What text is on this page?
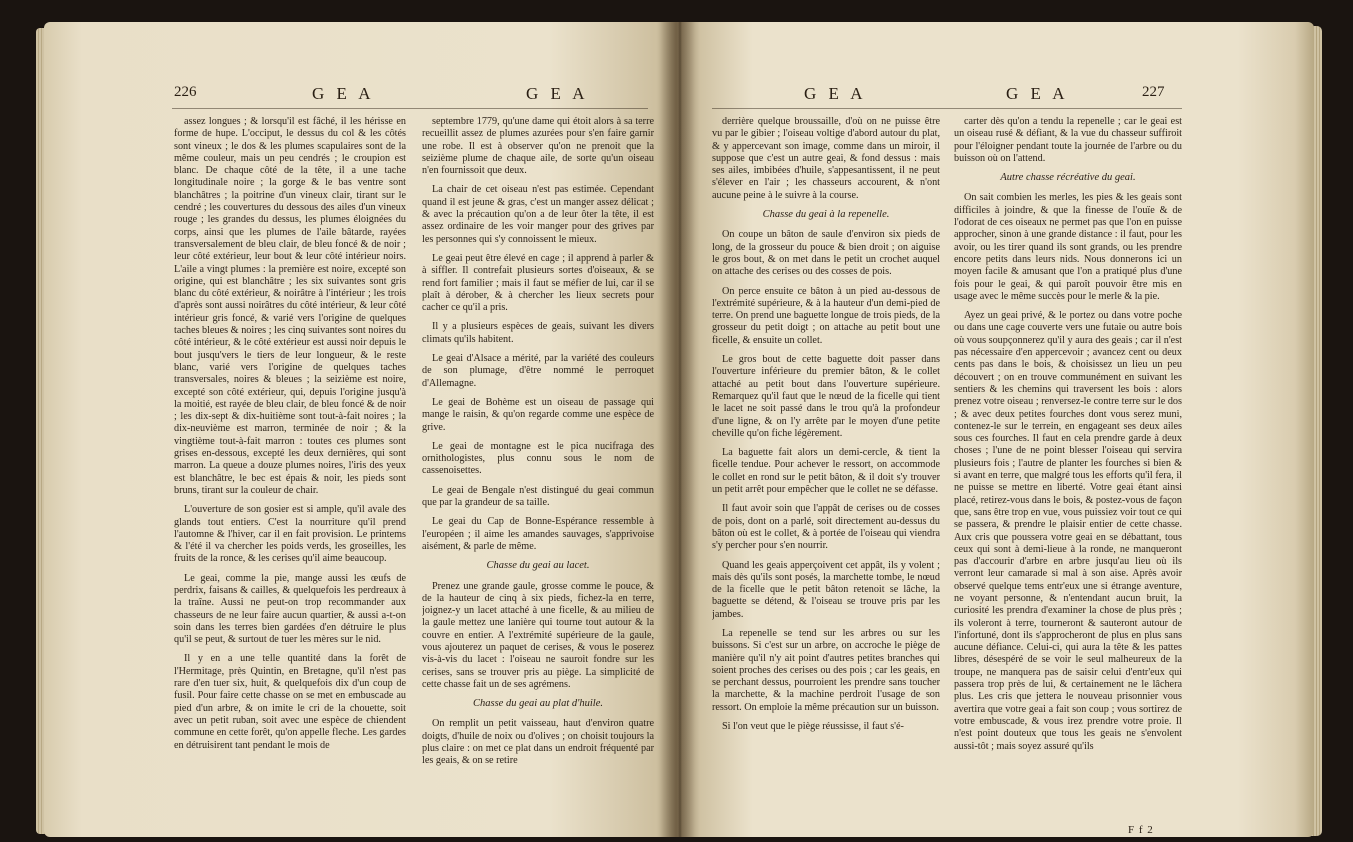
226	G E A	G E A

assez longues ; & lorsqu'il est fâché, il les hérisse en forme de hupe. L'occiput, le dessus du col & les côtés sont vineux ; le dos & les plumes scapulaires sont de la même couleur, mais un peu cendrés ; le croupion est blanc. De chaque côté de la tête, il a une tache longitudinale noire ; la gorge & le bas ventre sont blanchâtres ; la poitrine d'un vineux clair, tirant sur le cendré ; les couvertures du dessous des ailes d'un vineux rouge ; les grandes du dessus, les plumes éloignées du corps, ainsi que les plumes de l'aile bâtarde, rayées transversalement de bleu clair, de bleu foncé & de noir ; leur côté extérieur, leur bout & leur côté intérieur noirs. L'aile a vingt plumes : la première est noire, excepté son origine, qui est blanchâtre ; les six suivantes sont gris blanc du côté extérieur, & noirâtre à l'intérieur ; les trois d'après sont aussi noirâtres du côté intérieur, & leur côté intérieur gris foncé, & varié vers l'origine de quelques taches bleues & noires ; les cinq suivantes sont noires du côté intérieur, & le côté extérieur est aussi noir depuis le bout jusqu'vers le tiers de leur longueur, & le reste blanc, varié vers l'origine de quelques taches transversales, noires & bleues ; la seizième est noire, excepté son côté extérieur, qui, depuis l'origine jusqu'à la moitié, est rayée de bleu clair, de bleu foncé & de noir ; les dix-sept & dix-huitième sont tout-à-fait noires ; la dix-neuvième est marron, terminée de noir ; & la vingtième tout-à-fait marron : toutes ces plumes sont grises en-dessous, excepté les deux dernières, qui sont marron. La queue a douze plumes noires, l'iris des yeux est blanchâtre, le bec est épais & noir, les pieds sont bruns, tirant sur la couleur de chair.

L'ouverture de son gosier est si ample, qu'il avale des glands tout entiers. C'est la nourriture qu'il prend l'automne & l'hiver, car il en fait provision. Le printems & l'été il va chercher les poids verds, les groseilles, les fruits de la ronce, & les cerises qu'il aime beaucoup.

Le geai, comme la pie, mange aussi les œufs de perdrix, faisans & cailles, & quelquefois les perdreaux à la traîne. Aussi ne peut-on trop recommander aux chasseurs de ne leur faire aucun quartier, & aussi a-t-on soin dans les terres bien gardées d'en détruire le plus qu'il se peut, & surtout de tuer les mères sur le nid.

Il y en a une telle quantité dans la forêt de l'Hermitage, près Quintin, en Bretagne, qu'il n'est pas rare d'en tuer six, huit, & quelquefois dix d'un coup de fusil. Pour faire cette chasse on se met en embuscade au pied d'un arbre, & on imite le cri de la chouette, soit avec un petit ruban, soit avec une espèce de chiendent commune en cette forêt, qu'on appelle fleche. Les gardes en détruisirent tant pendant le mois de

septembre 1779, qu'une dame qui étoit alors à sa terre recueillit assez de plumes azurées pour s'en faire garnir une robe. Il est à observer qu'on ne prenoit que la seizième plume de chaque aile, de sorte qu'un oiseau n'en fournissoit que deux.

La chair de cet oiseau n'est pas estimée. Cependant quand il est jeune & gras, c'est un manger assez délicat ; & avec la précaution qu'on a de leur ôter la tête, il est assez ordinaire de les voir manger pour des grives par les personnes qui s'y connoissent le mieux.

Le geai peut être élevé en cage ; il apprend à parler & à siffler. Il contrefait plusieurs sortes d'oiseaux, & se rend fort familier ; mais il faut se méfier de lui, car il se plaît à dérober, & à chercher les lieux secrets pour cacher ce qu'il a pris.

Il y a plusieurs espèces de geais, suivant les divers climats qu'ils habitent.

Le geai d'Alsace a mérité, par la variété des couleurs de son plumage, d'être nommé le perroquet d'Allemagne.

Le geai de Bohème est un oiseau de passage qui mange le raisin, & qu'on regarde comme une espèce de grive.

Le geai de montagne est le pica nucifraga des ornithologistes, plus connu sous le nom de cassenoisettes.

Le geai de Bengale n'est distingué du geai commun que par la grandeur de sa taille.

Le geai du Cap de Bonne-Espérance ressemble à l'européen ; il aime les amandes sauvages, s'apprivoise aisément, & parle de même.

Chasse du geai au lacet.

Prenez une grande gaule, grosse comme le pouce, & de la hauteur de cinq à six pieds, fichez-la en terre, joignez-y un lacet attaché à une ficelle, & au milieu de la gaule mettez une lanière qui tourne tout autour & la couvre en entier. A l'extrémité supérieure de la gaule, vous ajouterez un paquet de cerises, & vous le poserez vis-à-vis du lacet : l'oiseau ne sauroit fondre sur les cerises, sans se trouver pris au piège. La simplicité de cette chasse fait un de ses agrémens.

Chasse du geai au plat d'huile.

On remplit un petit vaisseau, haut d'environ quatre doigts, d'huile de noix ou d'olives ; on choisit toujours la plus claire : on met ce plat dans un endroit fréquenté par les geais, & on se retire

G E A	G E A	227

derrière quelque broussaille, d'où on ne puisse être vu par le gibier ; l'oiseau voltige d'abord autour du plat, & y appercevant son image, comme dans un miroir, il suppose que c'est un autre geai, & fond dessus : mais ses ailes, imbibées d'huile, s'appesantissent, il ne peut s'élever en l'air ; les chasseurs accourent, & n'ont aucune peine à le suivre à la course.

Chasse du geai à la repenelle.

On coupe un bâton de saule d'environ six pieds de long, de la grosseur du pouce & bien droit ; on aiguise le gros bout, & on met dans le petit un crochet auquel on attache des cerises ou des cosses de pois.

On perce ensuite ce bâton à un pied au-dessous de l'extrémité supérieure, & à la hauteur d'un demi-pied de terre. On prend une baguette longue de trois pieds, de la grosseur du petit doigt ; on attache au petit bout une ficelle, & ensuite un collet.

Le gros bout de cette baguette doit passer dans l'ouverture inférieure du premier bâton, & le collet attaché au petit bout dans l'ouverture supérieure. Remarquez qu'il faut que le nœud de la ficelle qui tient le lacet ne soit passé dans le trou qu'à la profondeur d'une ligne, & on l'y arrête par le moyen d'une petite cheville qu'on fiche légèrement.

La baguette fait alors un demi-cercle, & tient la ficelle tendue. Pour achever le ressort, on accommode le collet en rond sur le petit bâton, & il doit s'y trouver un petit arrêt pour empêcher que le collet ne se défasse.

Il faut avoir soin que l'appât de cerises ou de cosses de pois, dont on a parlé, soit directement au-dessus du bâton où est le collet, & à portée de l'oiseau qui viendra s'y percher pour s'en nourrir.

Quand les geais apperçoivent cet appât, ils y volent ; mais dès qu'ils sont posés, la marchette tombe, le nœud de la ficelle que le petit bâton retenoit se lâche, la baguette se détend, & l'oiseau se trouve pris par les jambes.

La repenelle se tend sur les arbres ou sur les buissons. Si c'est sur un arbre, on accroche le piège de manière qu'il n'y ait point d'autres petites branches qui soient proches des cerises ou des pois ; car les geais, en se perchant dessus, pourroient les prendre sans toucher la marchette, & la machine perdroit l'usage de son ressort. On emploie la même précaution sur un buisson.

Si l'on veut que le piège réussisse, il faut s'é-

carter dès qu'on a tendu la repenelle ; car le geai est un oiseau rusé & défiant, & la vue du chasseur suffiroit pour l'éloigner pendant toute la journée de l'arbre ou du buisson où on l'attend.

Autre chasse récréative du geai.

On sait combien les merles, les pies & les geais sont difficiles à joindre, & que la finesse de l'ouïe & de l'odorat de ces oiseaux ne permet pas que l'on en puisse approcher, sinon à une grande distance : il faut, pour les avoir, ou les tirer quand ils sont grands, ou les prendre encore petits dans leurs nids. Nous donnerons ici un moyen facile & amusant que l'on a pratiqué plus d'une fois pour le geai, & qui paroît pouvoir être mis en usage avec le même succès pour le merle & la pie.

Ayez un geai privé, & le portez ou dans votre poche ou dans une cage couverte vers une futaie ou autre bois où vous soupçonnerez qu'il y aura des geais ; car il n'est pas nécessaire d'en appercevoir ; avancez cent ou deux cents pas dans le bois, & choisissez un lieu un peu découvert ; on en trouve communément en suivant les sentiers & les chemins qui traversent les bois : alors prenez votre oiseau ; renversez-le contre terre sur le dos ; & avec deux petites fourches dont vous serez muni, contenez-le sur le terrein, en engageant ses deux ailes sous ces fourches. Il faut en cela prendre garde à deux choses ; l'une de ne point blesser l'oiseau qui servira plusieurs fois ; l'autre de planter les fourches si bien & si avant en terre, que malgré tous les efforts qu'il fera, il ne puisse se mettre en liberté. Votre geai étant ainsi placé, retirez-vous dans le bois, & postez-vous de façon que, sans être trop en vue, vous puissiez voir tout ce qui se passera, & prendre le plaisir entier de cette chasse. Aux cris que poussera votre geai en se débattant, tous ceux qui sont à demi-lieue à la ronde, ne manqueront pas d'accourir d'arbre en arbre jusqu'au lieu où ils verront leur camarade si mal à son aise. Après avoir observé quelque tems entr'eux une si étrange aventure, ne voyant personne, & n'entendant aucun bruit, la curiosité les prendra d'examiner la chose de plus près ; ils voleront à terre, tourneront & sauteront autour de l'infortuné, dont ils s'approcheront de plus en plus sans aucune défiance. Celui-ci, qui aura la tête & les pattes libres, désespéré de se voir le seul malheureux de la troupe, ne manquera pas de saisir celui d'entr'eux qui passera trop près de lui, & certainement ne le lâchera plus. Les cris que jettera le nouveau prisonnier vous avertira que votre geai a fait son coup ; vous sortirez de votre embuscade, & vous irez prendre votre proie. Il n'est point douteux que tous les geais ne s'envolent aussi-tôt ; mais soyez assuré qu'ils

F f 2
